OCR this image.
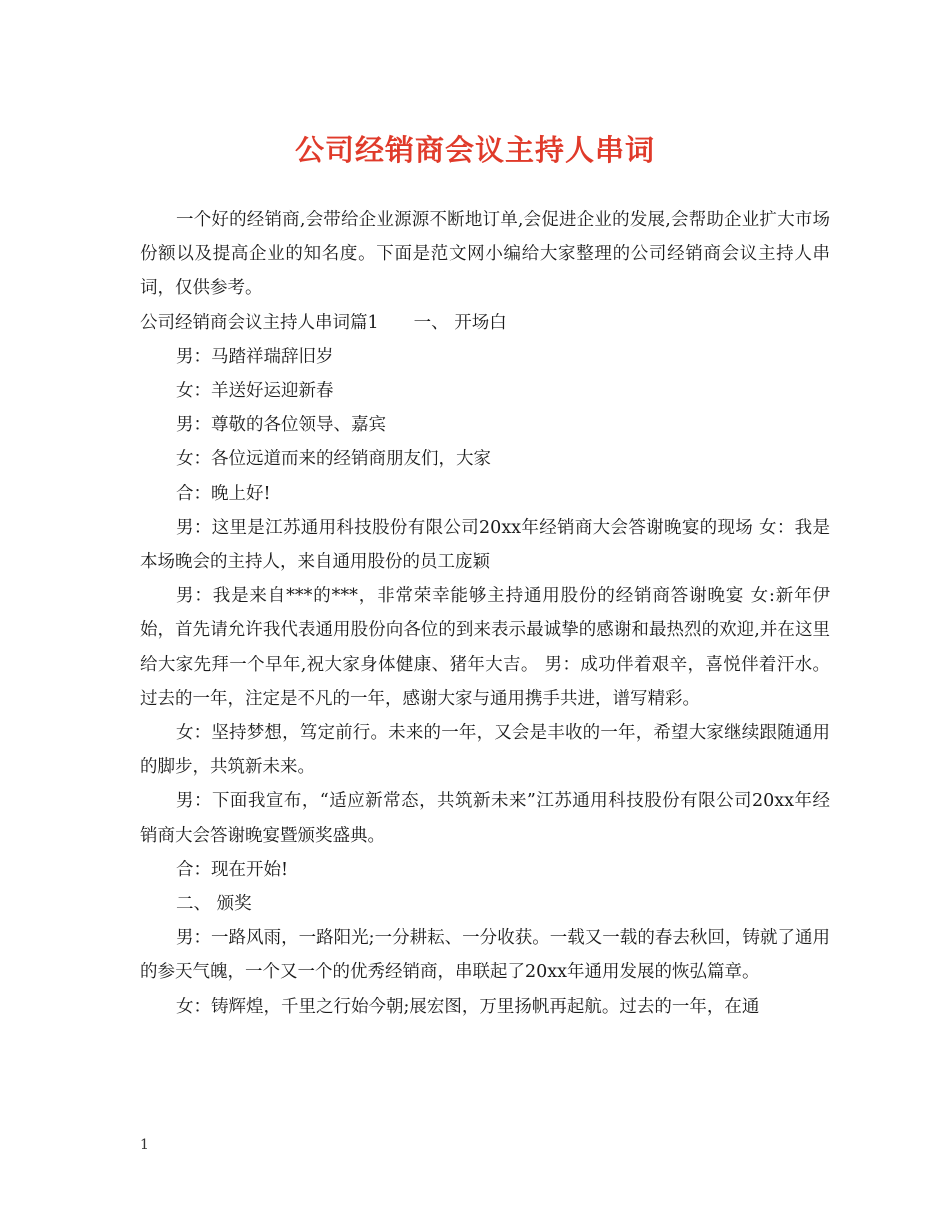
公司经销商会议主持人串词

一个好的经销商,会带给企业源源不断地订单,会促进企业的发展,会帮助企业扩大市场份额以及提高企业的知名度。下面是范文网小编给大家整理的公司经销商会议主持人串词，仅供参考。

公司经销商会议主持人串词篇1　　一、 开场白

男：马踏祥瑞辞旧岁

女：羊送好运迎新春

男：尊敬的各位领导、嘉宾

女：各位远道而来的经销商朋友们，大家

合：晚上好!

男：这里是江苏通用科技股份有限公司20xx年经销商大会答谢晚宴的现场 女：我是本场晚会的主持人，来自通用股份的员工庞颖

男：我是来自***的***，非常荣幸能够主持通用股份的经销商答谢晚宴 女:新年伊始，首先请允许我代表通用股份向各位的到来表示最诚挚的感谢和最热烈的欢迎,并在这里给大家先拜一个早年,祝大家身体健康、猪年大吉。 男：成功伴着艰辛，喜悦伴着汗水。过去的一年，注定是不凡的一年，感谢大家与通用携手共进，谱写精彩。

女：坚持梦想，笃定前行。未来的一年，又会是丰收的一年，希望大家继续跟随通用的脚步，共筑新未来。

男：下面我宣布，“适应新常态，共筑新未来”江苏通用科技股份有限公司20xx年经销商大会答谢晚宴暨颁奖盛典。

合：现在开始!

二、 颁奖

男：一路风雨，一路阳光;一分耕耘、一分收获。一载又一载的春去秋回，铸就了通用的参天气魄，一个又一个的优秀经销商，串联起了20xx年通用发展的恢弘篇章。

女：铸辉煌，千里之行始今朝;展宏图，万里扬帆再起航。过去的一年，在通

1
